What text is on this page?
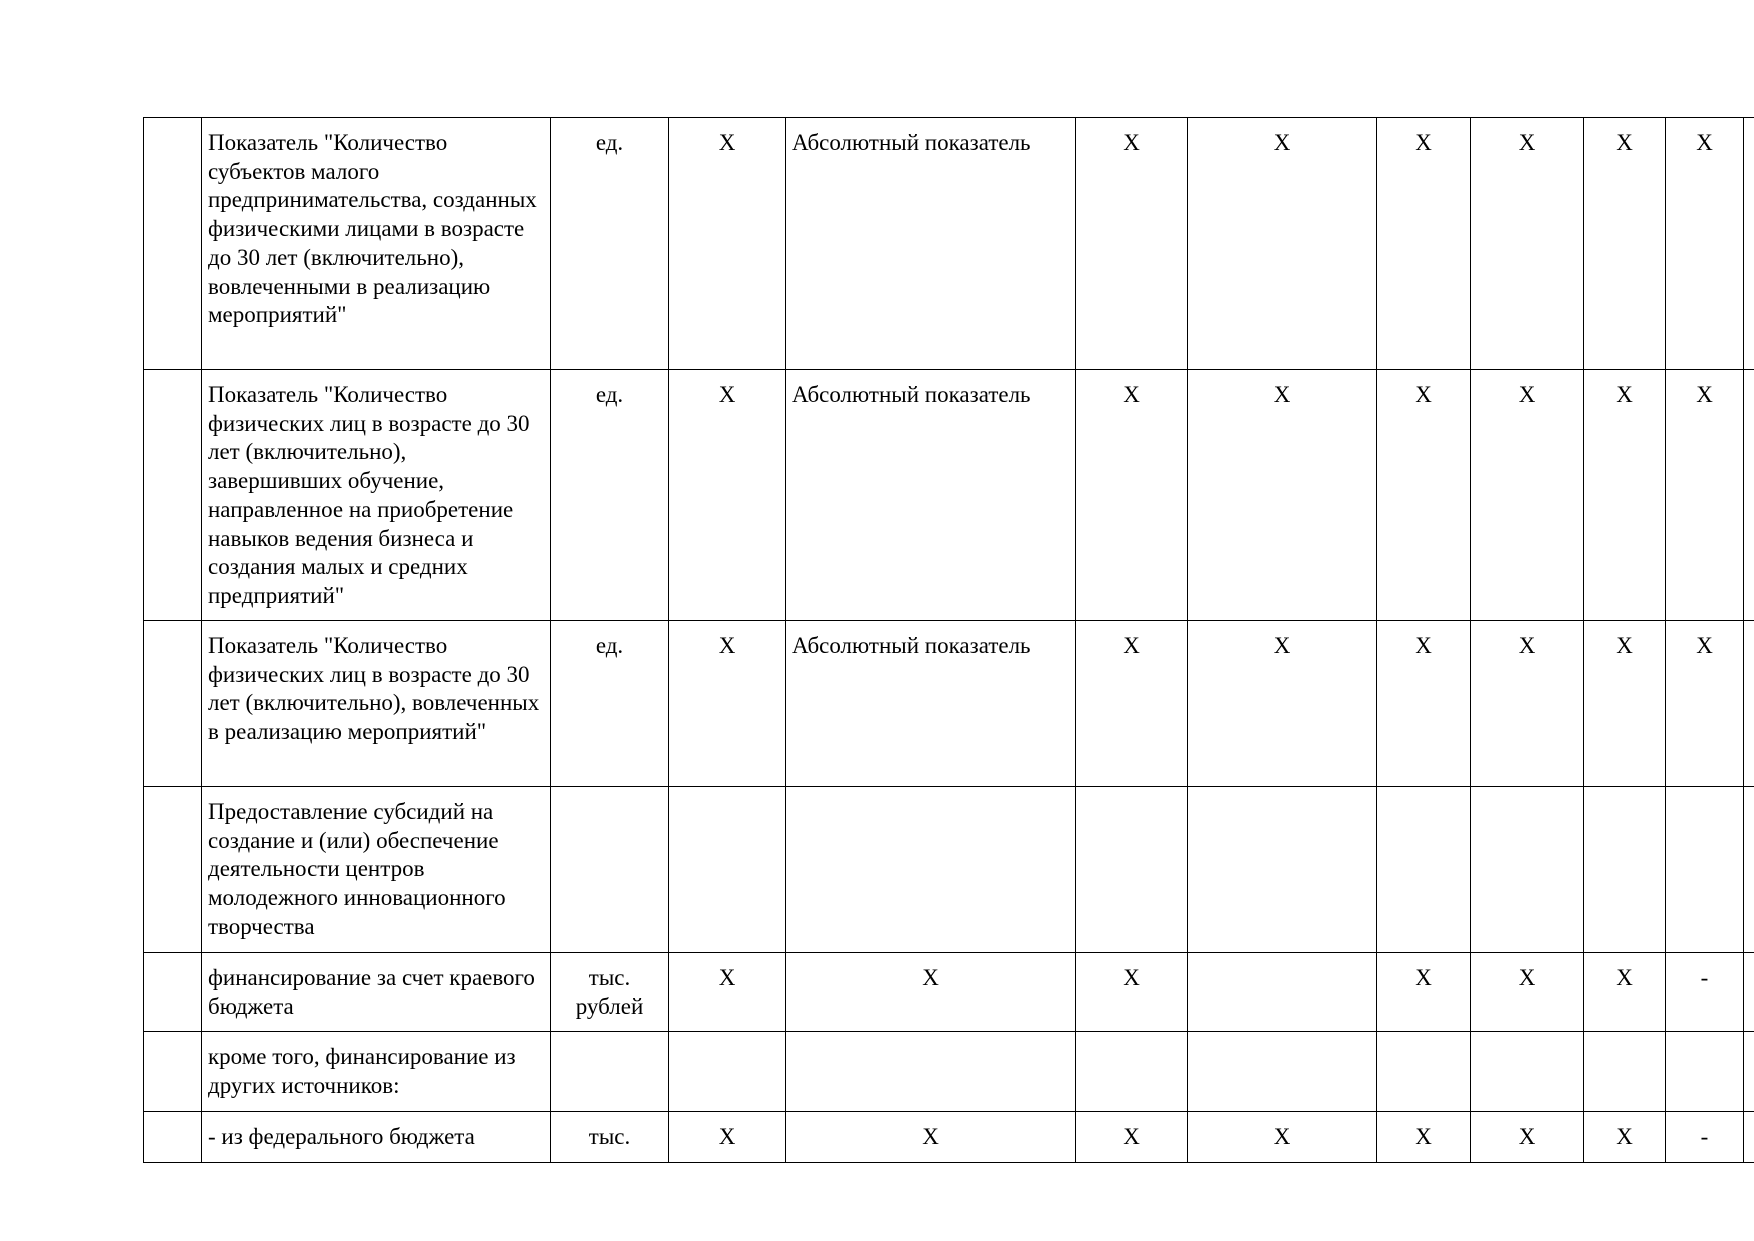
	Показатель "Количество субъектов малого предпринимательства, созданных физическими лицами в возрасте до 30 лет (включительно), вовлеченными в реализацию мероприятий"	ед.	Х	Абсолютный показатель	Х	Х	Х	Х	Х	Х	
	Показатель "Количество физических лиц в возрасте до 30 лет (включительно), завершивших обучение, направленное на приобретение навыков ведения бизнеса и создания малых и средних предприятий"	ед.	Х	Абсолютный показатель	Х	Х	Х	Х	Х	Х	
	Показатель "Количество физических лиц в возрасте до 30 лет (включительно), вовлеченных в реализацию мероприятий"	ед.	Х	Абсолютный показатель	Х	Х	Х	Х	Х	Х	
	Предоставление субсидий на создание и (или) обеспечение деятельности центров молодежного инновационного творчества										
	финансирование за счет краевого бюджета	тыс. рублей	Х	Х	Х		Х	Х	Х	-	
	кроме того, финансирование из других источников:										
	- из федерального бюджета	тыс.	Х	Х	Х	Х	Х	Х	Х	-	
